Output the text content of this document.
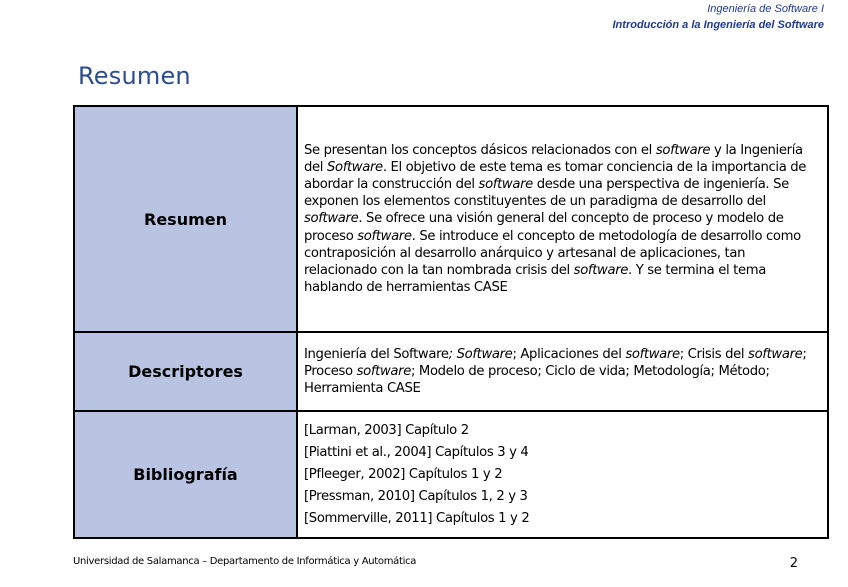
Ingeniería de Software I
Introducción a la Ingeniería del Software
Resumen
Resumen	Se presentan los conceptos dásicos relacionados con el software y la Ingeniería del Software. El objetivo de este tema es tomar conciencia de la importancia de abordar la construcción del software desde una perspectiva de ingeniería. Se exponen los elementos constituyentes de un paradigma de desarrollo del software. Se ofrece una visión general del concepto de proceso y modelo de proceso software. Se introduce el concepto de metodología de desarrollo como contraposición al desarrollo anárquico y artesanal de aplicaciones, tan relacionado con la tan nombrada crisis del software. Y se termina el tema hablando de herramientas CASE
Descriptores	Ingeniería del Software; Software; Aplicaciones del software; Crisis del software; Proceso software; Modelo de proceso; Ciclo de vida; Metodología; Método; Herramienta CASE
Bibliografía	[Larman, 2003] Capítulo 2
[Piattini et al., 2004] Capítulos 3 y 4
[Pfleeger, 2002] Capítulos 1 y 2
[Pressman, 2010] Capítulos 1, 2 y 3
[Sommerville, 2011] Capítulos 1 y 2
Universidad de Salamanca – Departamento de Informática y Automática	2
